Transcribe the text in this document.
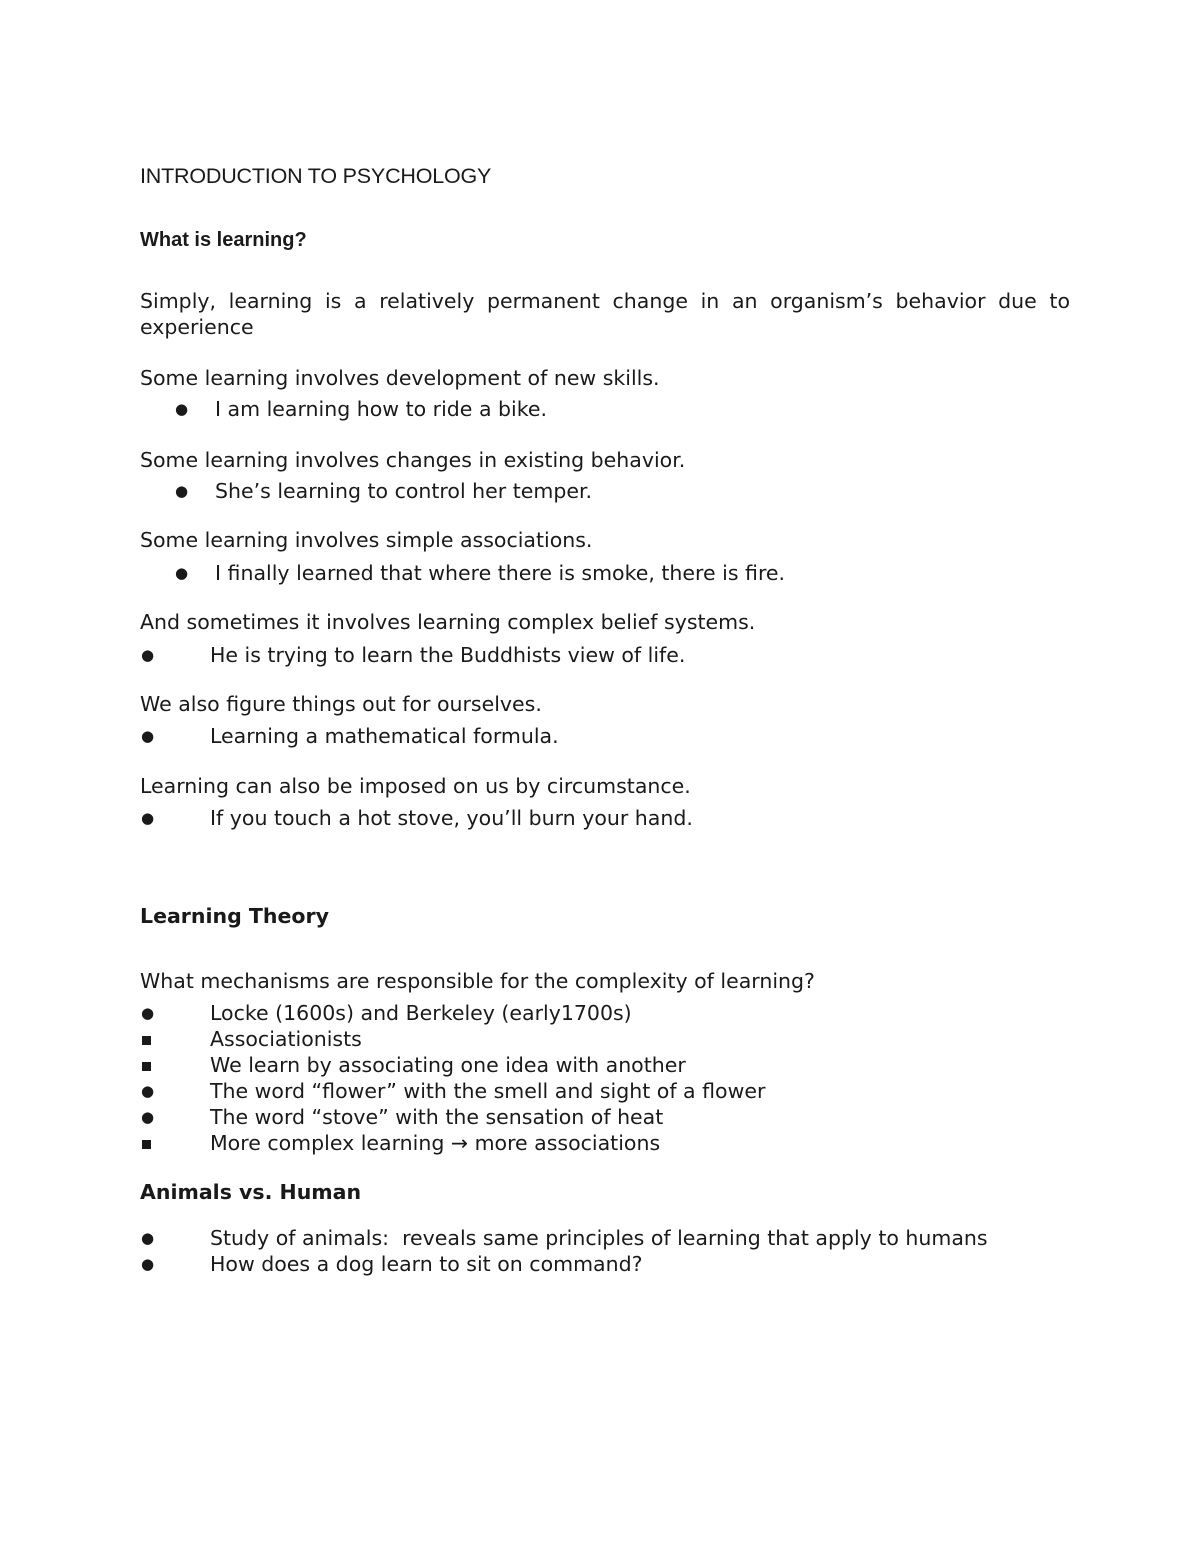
INTRODUCTION TO PSYCHOLOGY
What is learning?
Simply, learning is a relatively permanent change in an organism’s behavior due to experience
Some learning involves development of new skills.
● I am learning how to ride a bike.
Some learning involves changes in existing behavior.
● She’s learning to control her temper.
Some learning involves simple associations.
● I finally learned that where there is smoke, there is fire.
And sometimes it involves learning complex belief systems.
●	He is trying to learn the Buddhists view of life.
We also figure things out for ourselves.
●	Learning a mathematical formula.
Learning can also be imposed on us by circumstance.
●	If you touch a hot stove, you’ll burn your hand.
Learning Theory
What mechanisms are responsible for the complexity of learning?
●	Locke (1600s) and Berkeley (early1700s)
Associationists
We learn by associating one idea with another
●	The word “flower” with the smell and sight of a flower
●	The word “stove” with the sensation of heat
More complex learning → more associations
Animals vs. Human
●	Study of animals:  reveals same principles of learning that apply to humans
●	How does a dog learn to sit on command?
